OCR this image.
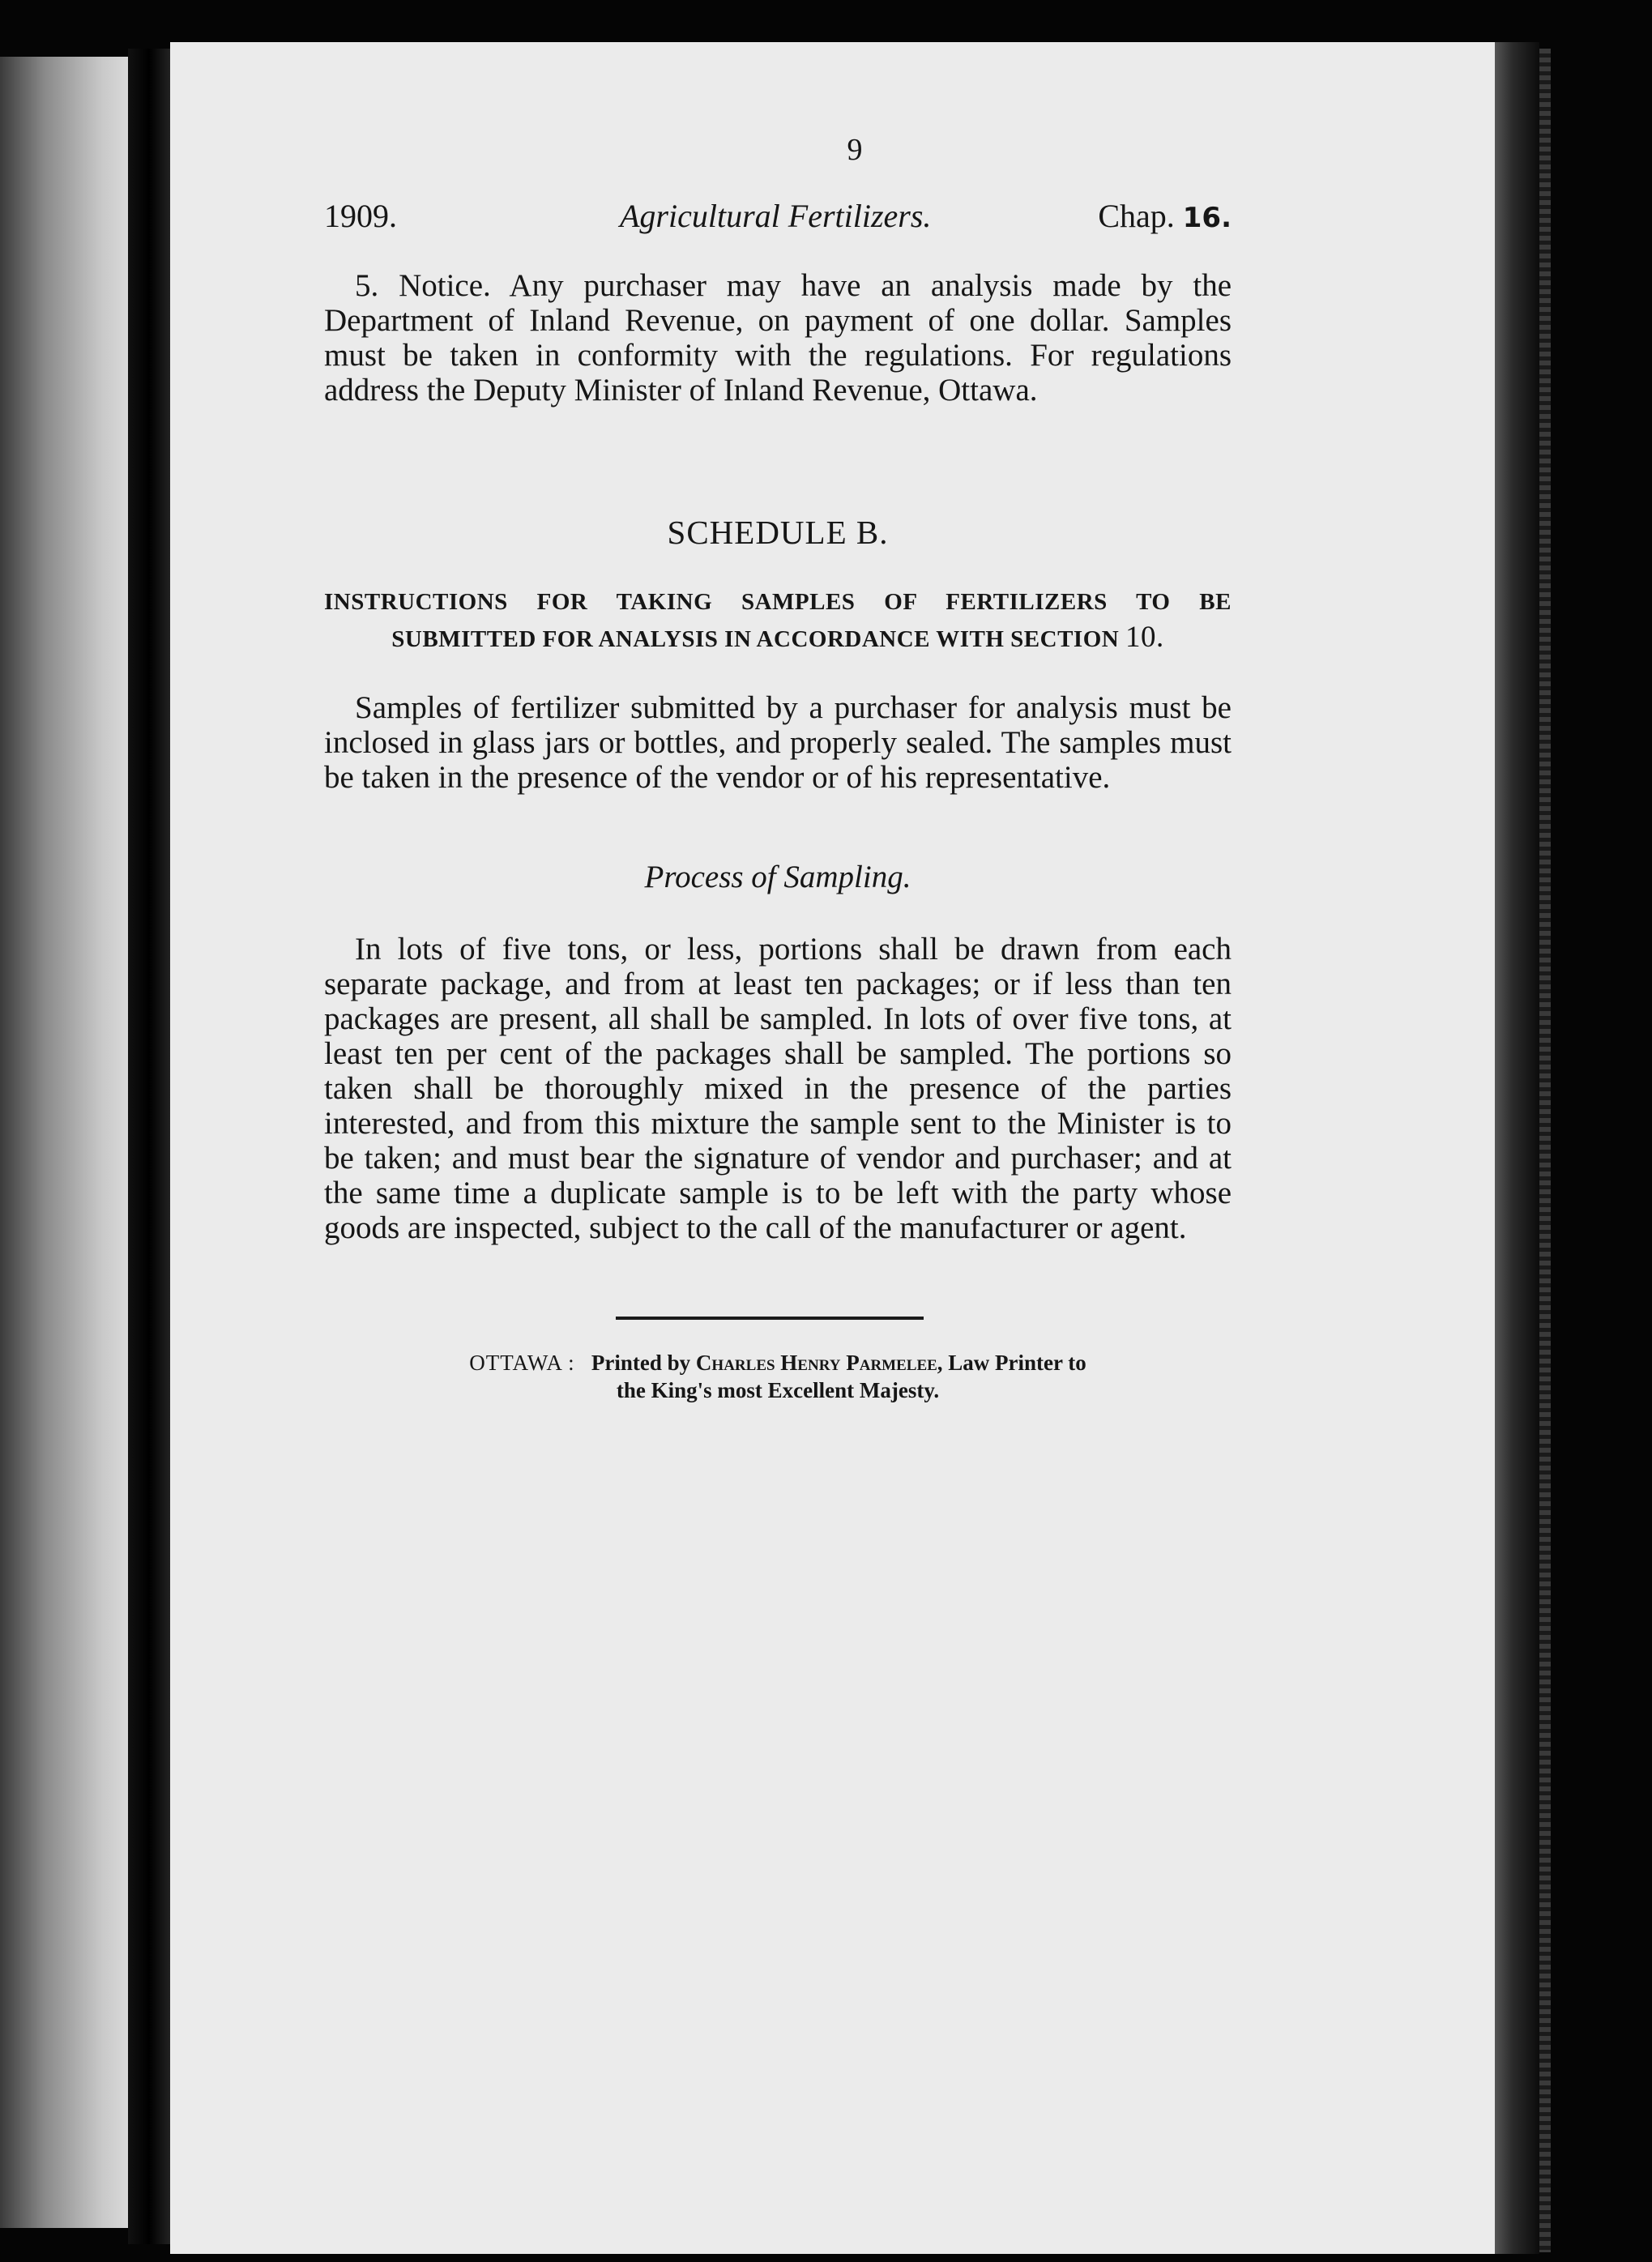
9
1909.	Agricultural Fertilizers.	Chap. 16.
5. Notice. Any purchaser may have an analysis made by the Department of Inland Revenue, on payment of one dollar. Samples must be taken in conformity with the regulations. For regulations address the Deputy Minister of Inland Revenue, Ottawa.
SCHEDULE B.
INSTRUCTIONS FOR TAKING SAMPLES OF FERTILIZERS TO BE
SUBMITTED FOR ANALYSIS IN ACCORDANCE WITH SECTION 10.
Samples of fertilizer submitted by a purchaser for analysis must be inclosed in glass jars or bottles, and properly sealed. The samples must be taken in the presence of the vendor or of his representative.
Process of Sampling.
In lots of five tons, or less, portions shall be drawn from each separate package, and from at least ten packages; or if less than ten packages are present, all shall be sampled. In lots of over five tons, at least ten per cent of the packages shall be sampled. The portions so taken shall be thoroughly mixed in the presence of the parties interested, and from this mixture the sample sent to the Minister is to be taken; and must bear the signature of vendor and purchaser; and at the same time a duplicate sample is to be left with the party whose goods are inspected, subject to the call of the manufacturer or agent.
OTTAWA : Printed by Charles Henry Parmelee, Law Printer to
the King's most Excellent Majesty.
